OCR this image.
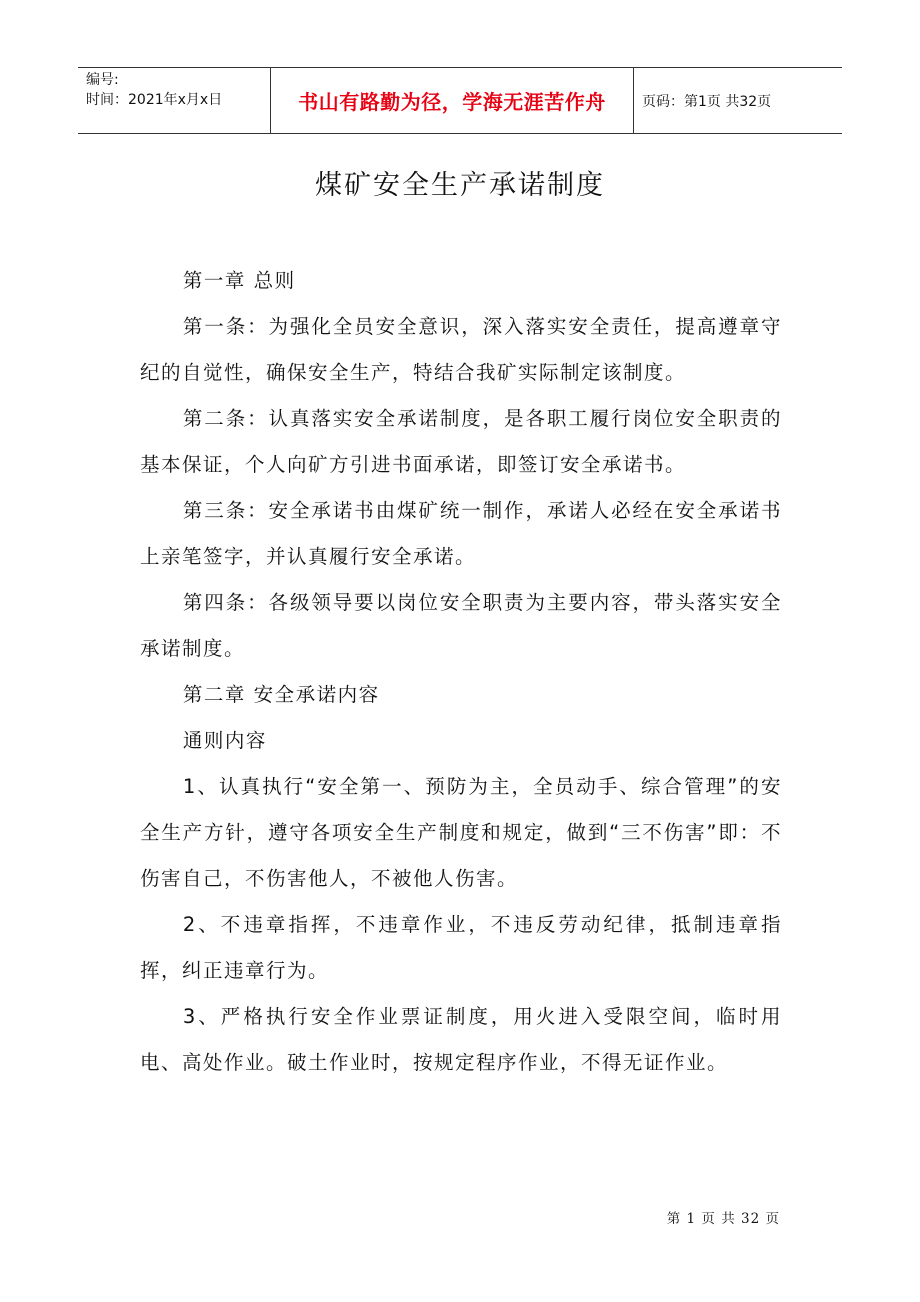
编号:
时间：2021年x月x日	书山有路勤为径，学海无涯苦作舟	页码：第1页 共32页
煤矿安全生产承诺制度

第一章 总则

第一条：为强化全员安全意识，深入落实安全责任，提高遵章守纪的自觉性，确保安全生产，特结合我矿实际制定该制度。

第二条：认真落实安全承诺制度，是各职工履行岗位安全职责的基本保证，个人向矿方引进书面承诺，即签订安全承诺书。

第三条：安全承诺书由煤矿统一制作，承诺人必经在安全承诺书上亲笔签字，并认真履行安全承诺。

第四条：各级领导要以岗位安全职责为主要内容，带头落实安全承诺制度。

第二章 安全承诺内容

通则内容

1、认真执行“安全第一、预防为主，全员动手、综合管理”的安全生产方针，遵守各项安全生产制度和规定，做到“三不伤害”即：不伤害自己，不伤害他人，不被他人伤害。

2、不违章指挥，不违章作业，不违反劳动纪律，抵制违章指挥，纠正违章行为。

3、严格执行安全作业票证制度，用火进入受限空间，临时用电、高处作业。破土作业时，按规定程序作业，不得无证作业。

第 1 页 共 32 页
